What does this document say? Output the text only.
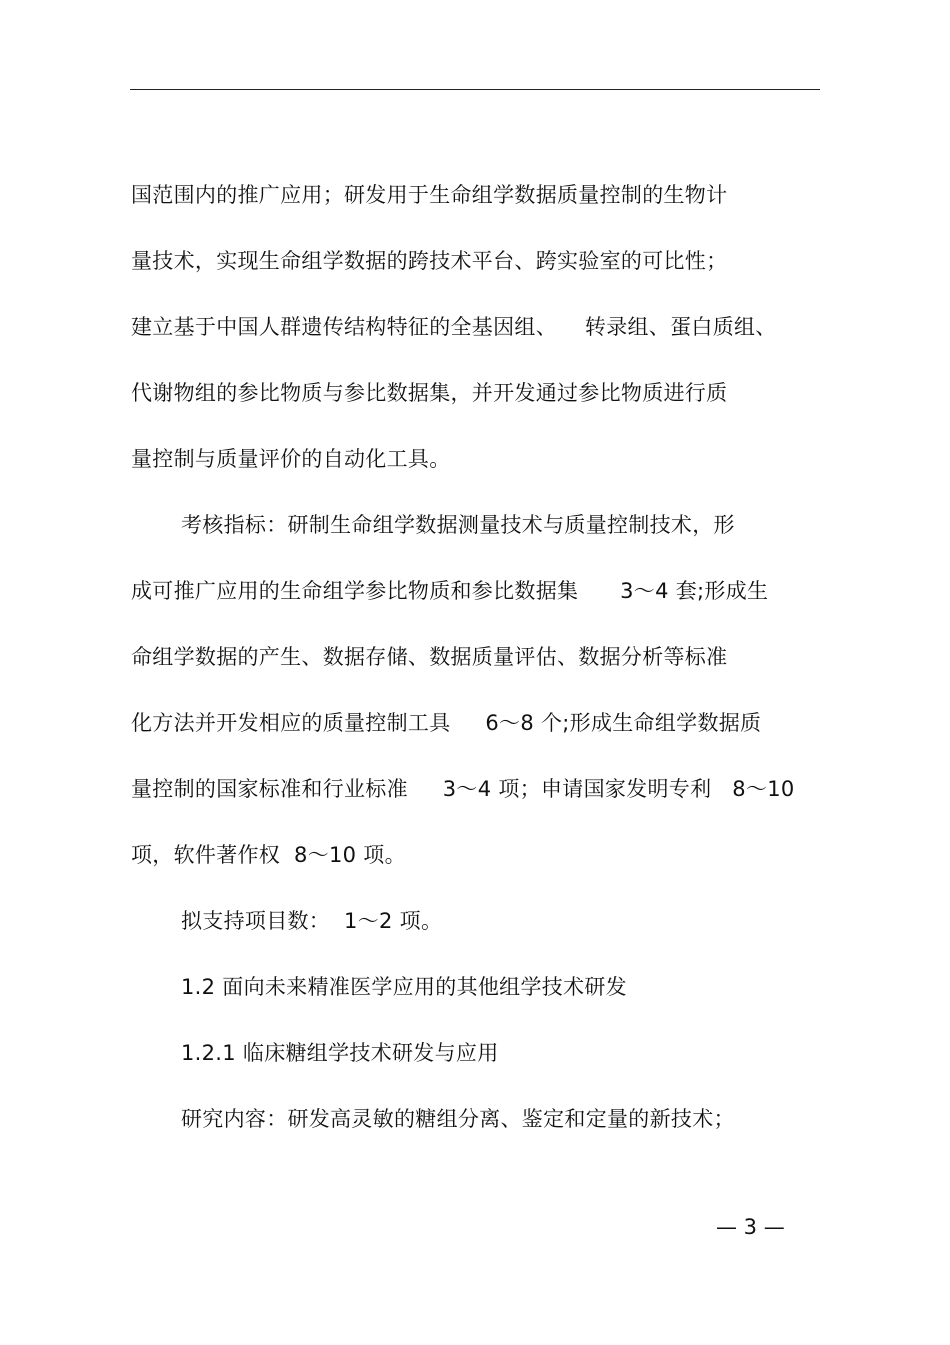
国范围内的推广应用；研发用于生命组学数据质量控制的生物计
量技术，实现生命组学数据的跨技术平台、跨实验室的可比性；
建立基于中国人群遗传结构特征的全基因组、    转录组、蛋白质组、
代谢物组的参比物质与参比数据集，并开发通过参比物质进行质
量控制与质量评价的自动化工具。
考核指标：研制生命组学数据测量技术与质量控制技术，形
成可推广应用的生命组学参比物质和参比数据集      3～4 套;形成生
命组学数据的产生、数据存储、数据质量评估、数据分析等标准
化方法并开发相应的质量控制工具     6～8 个;形成生命组学数据质
量控制的国家标准和行业标准     3～4 项；申请国家发明专利   8～10
项，软件著作权  8～10 项。
拟支持项目数：  1～2 项。
1.2 面向未来精准医学应用的其他组学技术研发
1.2.1 临床糖组学技术研发与应用
研究内容：研发高灵敏的糖组分离、鉴定和定量的新技术；
— 3 —
